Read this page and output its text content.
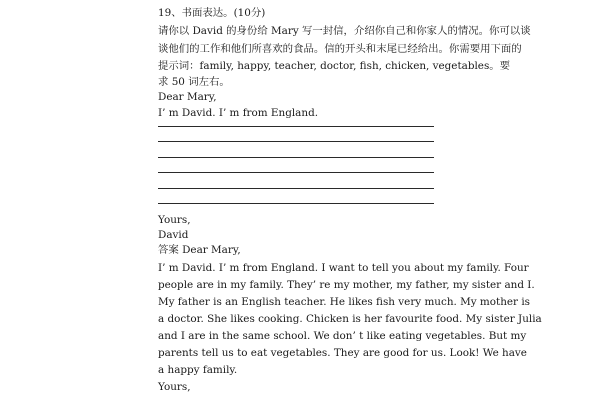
19、书面表达。(10分)
请你以 David 的身份给 Mary 写一封信，介绍你自己和你家人的情况。你可以谈
谈他们的工作和他们所喜欢的食品。信的开头和末尾已经给出。你需要用下面的
提示词：family, happy, teacher, doctor, fish, chicken, vegetables。要
求 50 词左右。
Dear Mary,
I’ m David. I’ m from England.
Yours,
David
答案 Dear Mary,
I’ m David. I’ m from England. I want to tell you about my family. Four
people are in my family. They’ re my mother, my father, my sister and I.
My father is an English teacher. He likes fish very much. My mother is
a doctor. She likes cooking. Chicken is her favourite food. My sister Julia
and I are in the same school. We don’ t like eating vegetables. But my
parents tell us to eat vegetables. They are good for us. Look! We have
a happy family.
Yours,
